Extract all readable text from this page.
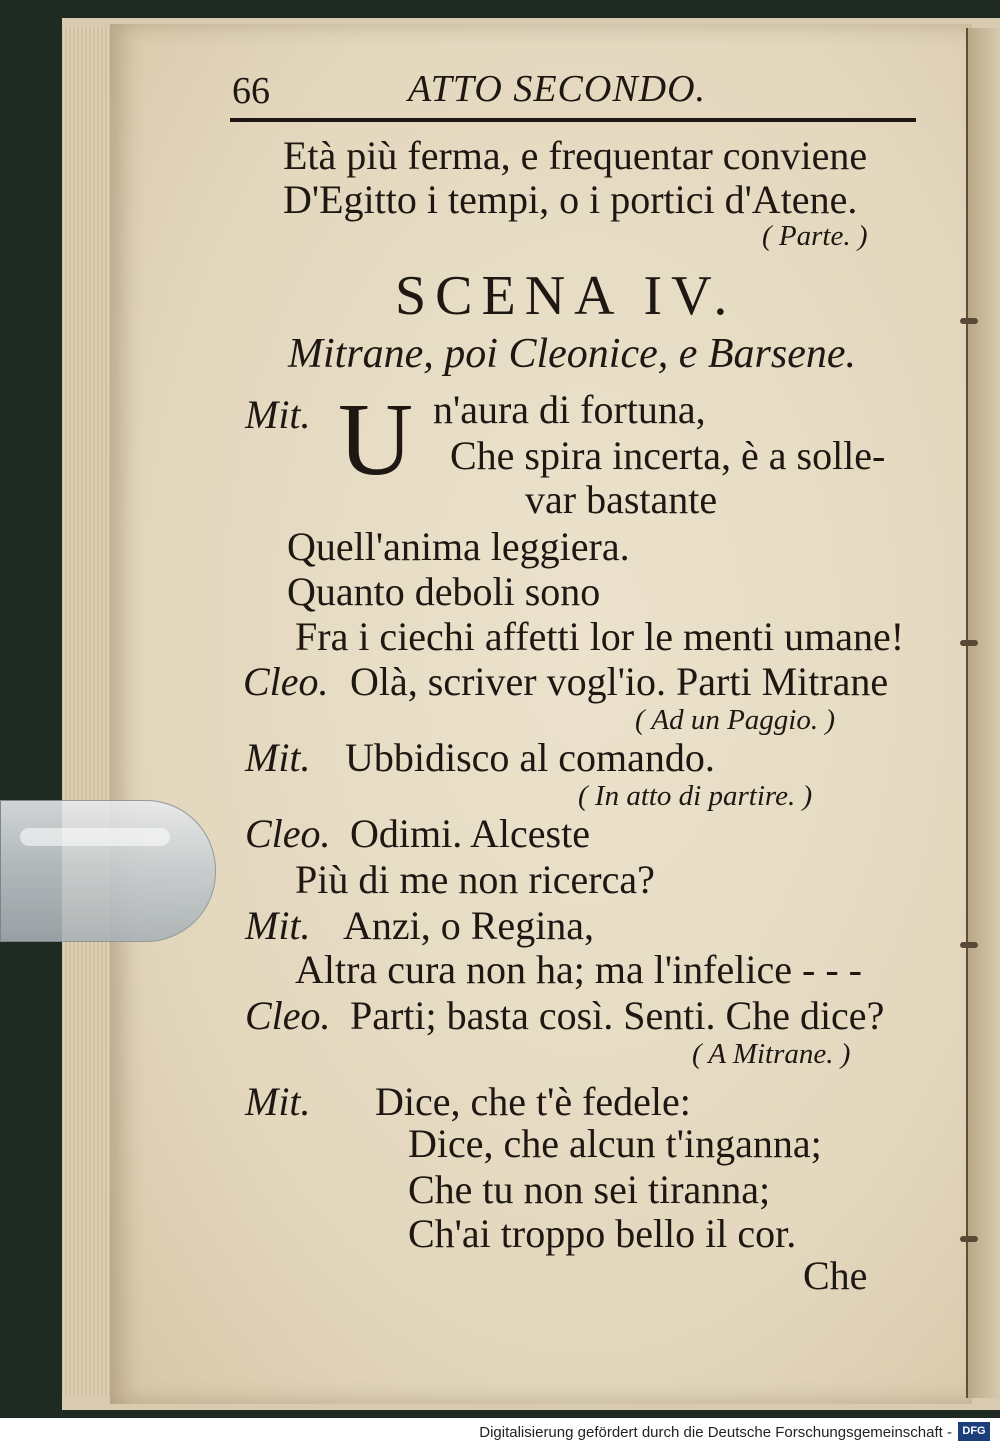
66	ATTO SECONDO.
Età più ferma, e frequentar conviene
D'Egitto i tempi, o i portici d'Atene.
( Parte. )
SCENA IV.
Mitrane, poi Cleonice, e Barsene.
Mit. U n'aura di fortuna,
Che spira incerta, è a solle-
var bastante
Quell'anima leggiera.
Quanto deboli sono
Fra i ciechi affetti lor le menti umane!
Cleo. Olà, scriver vogl'io. Parti Mitrane
( Ad un Paggio. )
Mit. Ubbidisco al comando.
( In atto di partire. )
Cleo. Odimi. Alceste
Più di me non ricerca?
Mit. Anzi, o Regina,
Altra cura non ha; ma l'infelice - - -
Cleo. Parti; basta così. Senti. Che dice?
( A Mitrane. )
Mit. Dice, che t'è fedele:
Dice, che alcun t'inganna;
Che tu non sei tiranna;
Ch'ai troppo bello il cor.
Che
Digitalisierung gefördert durch die Deutsche Forschungsgemeinschaft - DFG
